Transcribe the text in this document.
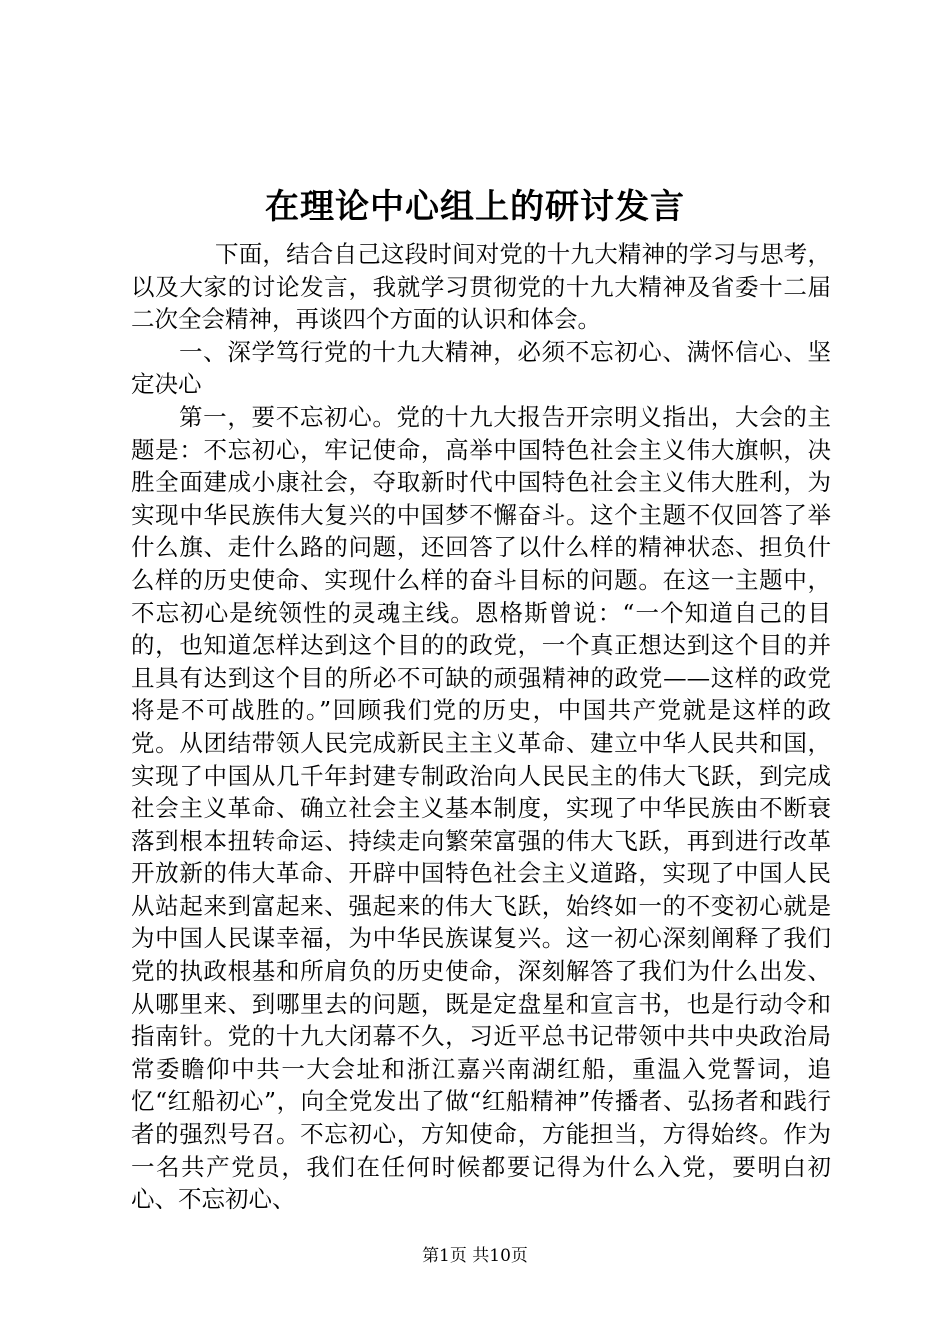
在理论中心组上的研讨发言

下面，结合自己这段时间对党的十九大精神的学习与思考，以及大家的讨论发言，我就学习贯彻党的十九大精神及省委十二届二次全会精神，再谈四个方面的认识和体会。

一、深学笃行党的十九大精神，必须不忘初心、满怀信心、坚定决心

第一，要不忘初心。党的十九大报告开宗明义指出，大会的主题是：不忘初心，牢记使命，高举中国特色社会主义伟大旗帜，决胜全面建成小康社会，夺取新时代中国特色社会主义伟大胜利，为实现中华民族伟大复兴的中国梦不懈奋斗。这个主题不仅回答了举什么旗、走什么路的问题，还回答了以什么样的精神状态、担负什么样的历史使命、实现什么样的奋斗目标的问题。在这一主题中，不忘初心是统领性的灵魂主线。恩格斯曾说：“一个知道自己的目的，也知道怎样达到这个目的的政党，一个真正想达到这个目的并且具有达到这个目的所必不可缺的顽强精神的政党——这样的政党将是不可战胜的。”回顾我们党的历史，中国共产党就是这样的政党。从团结带领人民完成新民主主义革命、建立中华人民共和国，实现了中国从几千年封建专制政治向人民民主的伟大飞跃，到完成社会主义革命、确立社会主义基本制度，实现了中华民族由不断衰落到根本扭转命运、持续走向繁荣富强的伟大飞跃，再到进行改革开放新的伟大革命、开辟中国特色社会主义道路，实现了中国人民从站起来到富起来、强起来的伟大飞跃，始终如一的不变初心就是为中国人民谋幸福，为中华民族谋复兴。这一初心深刻阐释了我们党的执政根基和所肩负的历史使命，深刻解答了我们为什么出发、从哪里来、到哪里去的问题，既是定盘星和宣言书，也是行动令和指南针。党的十九大闭幕不久，习近平总书记带领中共中央政治局常委瞻仰中共一大会址和浙江嘉兴南湖红船，重温入党誓词，追忆“红船初心”，向全党发出了做“红船精神”传播者、弘扬者和践行者的强烈号召。不忘初心，方知使命，方能担当，方得始终。作为一名共产党员，我们在任何时候都要记得为什么入党，要明白初心、不忘初心、

第1页 共10页
